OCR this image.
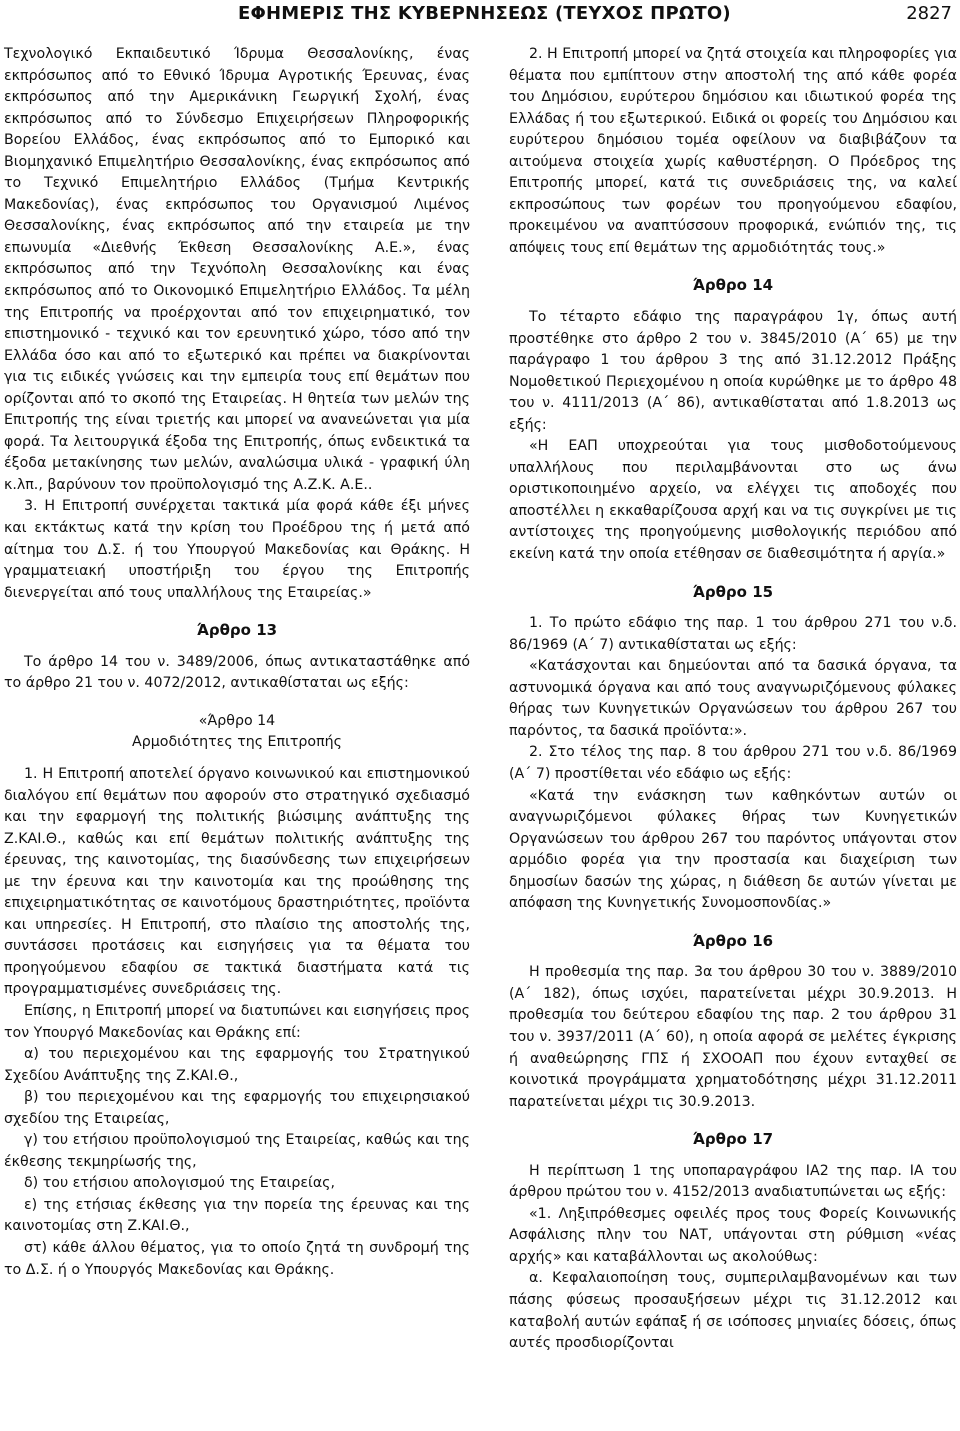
ΕΦΗΜΕΡΙΣ ΤΗΣ ΚΥΒΕΡΝΗΣΕΩΣ (ΤΕΥΧΟΣ ΠΡΩΤΟ)	2827

Τεχνολογικό Εκπαιδευτικό Ίδρυμα Θεσσαλονίκης, ένας εκπρόσωπος από το Εθνικό Ίδρυμα Αγροτικής Έρευνας, ένας εκπρόσωπος από την Αμερικάνικη Γεωργική Σχολή, ένας εκπρόσωπος από το Σύνδεσμο Επιχειρήσεων Πληροφορικής Βορείου Ελλάδος, ένας εκπρόσωπος από το Εμπορικό και Βιομηχανικό Επιμελητήριο Θεσσαλονίκης, ένας εκπρόσωπος από το Τεχνικό Επιμελητήριο Ελλάδος (Τμήμα Κεντρικής Μακεδονίας), ένας εκπρόσωπος του Οργανισμού Λιμένος Θεσσαλονίκης, ένας εκπρόσωπος από την εταιρεία με την επωνυμία «Διεθνής Έκθεση Θεσσαλονίκης Α.Ε.», ένας εκπρόσωπος από την Τεχνόπολη Θεσσαλονίκης και ένας εκπρόσωπος από το Οικονομικό Επιμελητήριο Ελλάδος. Τα μέλη της Επιτροπής να προέρχονται από τον επιχειρηματικό, τον επιστημονικό - τεχνικό και τον ερευνητικό χώρο, τόσο από την Ελλάδα όσο και από το εξωτερικό και πρέπει να διακρίνονται για τις ειδικές γνώσεις και την εμπειρία τους επί θεμάτων που ορίζονται από το σκοπό της Εταιρείας. Η θητεία των μελών της Επιτροπής της είναι τριετής και μπορεί να ανανεώνεται για μία φορά. Τα λειτουργικά έξοδα της Επιτροπής, όπως ενδεικτικά τα έξοδα μετακίνησης των μελών, αναλώσιμα υλικά - γραφική ύλη κ.λπ., βαρύνουν τον προϋπολογισμό της Α.Ζ.Κ. Α.Ε..

3. Η Επιτροπή συνέρχεται τακτικά μία φορά κάθε έξι μήνες και εκτάκτως κατά την κρίση του Προέδρου της ή μετά από αίτημα του Δ.Σ. ή του Υπουργού Μακεδονίας και Θράκης. Η γραμματειακή υποστήριξη του έργου της Επιτροπής διενεργείται από τους υπαλλήλους της Εταιρείας.»

Άρθρο 13

Το άρθρο 14 του ν. 3489/2006, όπως αντικαταστάθηκε από το άρθρο 21 του ν. 4072/2012, αντικαθίσταται ως εξής:

«Άρθρο 14

Αρμοδιότητες της Επιτροπής

1. Η Επιτροπή αποτελεί όργανο κοινωνικού και επιστημονικού διαλόγου επί θεμάτων που αφορούν στο στρατηγικό σχεδιασμό και την εφαρμογή της πολιτικής βιώσιμης ανάπτυξης της Ζ.ΚΑΙ.Θ., καθώς και επί θεμάτων πολιτικής ανάπτυξης της έρευνας, της καινοτομίας, της διασύνδεσης των επιχειρήσεων με την έρευνα και την καινοτομία και της προώθησης της επιχειρηματικότητας σε καινοτόμους δραστηριότητες, προϊόντα και υπηρεσίες. Η Επιτροπή, στο πλαίσιο της αποστολής της, συντάσσει προτάσεις και εισηγήσεις για τα θέματα του προηγούμενου εδαφίου σε τακτικά διαστήματα κατά τις προγραμματισμένες συνεδριάσεις της.

Επίσης, η Επιτροπή μπορεί να διατυπώνει και εισηγήσεις προς τον Υπουργό Μακεδονίας και Θράκης επί:

α) του περιεχομένου και της εφαρμογής του Στρατηγικού Σχεδίου Ανάπτυξης της Ζ.ΚΑΙ.Θ.,

β) του περιεχομένου και της εφαρμογής του επιχειρησιακού σχεδίου της Εταιρείας,

γ) του ετήσιου προϋπολογισμού της Εταιρείας, καθώς και της έκθεσης τεκμηρίωσής της,

δ) του ετήσιου απολογισμού της Εταιρείας,

ε) της ετήσιας έκθεσης για την πορεία της έρευνας και της καινοτομίας στη Ζ.ΚΑΙ.Θ.,

στ) κάθε άλλου θέματος, για το οποίο ζητά τη συνδρομή της το Δ.Σ. ή ο Υπουργός Μακεδονίας και Θράκης.

2. Η Επιτροπή μπορεί να ζητά στοιχεία και πληροφορίες για θέματα που εμπίπτουν στην αποστολή της από κάθε φορέα του Δημόσιου, ευρύτερου δημόσιου και ιδιωτικού φορέα της Ελλάδας ή του εξωτερικού. Ειδικά οι φορείς του Δημόσιου και ευρύτερου δημόσιου τομέα οφείλουν να διαβιβάζουν τα αιτούμενα στοιχεία χωρίς καθυστέρηση. Ο Πρόεδρος της Επιτροπής μπορεί, κατά τις συνεδριάσεις της, να καλεί εκπροσώπους των φορέων του προηγούμενου εδαφίου, προκειμένου να αναπτύσσουν προφορικά, ενώπιόν της, τις απόψεις τους επί θεμάτων της αρμοδιότητάς τους.»

Άρθρο 14

Το τέταρτο εδάφιο της παραγράφου 1γ, όπως αυτή προστέθηκε στο άρθρο 2 του ν. 3845/2010 (Α΄ 65) με την παράγραφο 1 του άρθρου 3 της από 31.12.2012 Πράξης Νομοθετικού Περιεχομένου η οποία κυρώθηκε με το άρθρο 48 του ν. 4111/2013 (Α΄ 86), αντικαθίσταται από 1.8.2013 ως εξής:

«Η ΕΑΠ υποχρεούται για τους μισθοδοτούμενους υπαλλήλους που περιλαμβάνονται στο ως άνω οριστικοποιημένο αρχείο, να ελέγχει τις αποδοχές που αποστέλλει η εκκαθαρίζουσα αρχή και να τις συγκρίνει με τις αντίστοιχες της προηγούμενης μισθολογικής περιόδου από εκείνη κατά την οποία ετέθησαν σε διαθεσιμότητα ή αργία.»

Άρθρο 15

1. Το πρώτο εδάφιο της παρ. 1 του άρθρου 271 του ν.δ. 86/1969 (Α΄ 7) αντικαθίσταται ως εξής:

«Κατάσχονται και δημεύονται από τα δασικά όργανα, τα αστυνομικά όργανα και από τους αναγνωριζόμενους φύλακες θήρας των Κυνηγετικών Οργανώσεων του άρθρου 267 του παρόντος, τα δασικά προϊόντα:».

2. Στο τέλος της παρ. 8 του άρθρου 271 του ν.δ. 86/1969 (Α΄ 7) προστίθεται νέο εδάφιο ως εξής:

«Κατά την ενάσκηση των καθηκόντων αυτών οι αναγνωριζόμενοι φύλακες θήρας των Κυνηγετικών Οργανώσεων του άρθρου 267 του παρόντος υπάγονται στον αρμόδιο φορέα για την προστασία και διαχείριση των δημοσίων δασών της χώρας, η διάθεση δε αυτών γίνεται με απόφαση της Κυνηγετικής Συνομοσπονδίας.»

Άρθρο 16

Η προθεσμία της παρ. 3α του άρθρου 30 του ν. 3889/2010 (Α΄ 182), όπως ισχύει, παρατείνεται μέχρι 30.9.2013. Η προθεσμία του δεύτερου εδαφίου της παρ. 2 του άρθρου 31 του ν. 3937/2011 (Α΄ 60), η οποία αφορά σε μελέτες έγκρισης ή αναθεώρησης ΓΠΣ ή ΣΧΟΟΑΠ που έχουν ενταχθεί σε κοινοτικά προγράμματα χρηματοδότησης μέχρι 31.12.2011 παρατείνεται μέχρι τις 30.9.2013.

Άρθρο 17

Η περίπτωση 1 της υποπαραγράφου ΙΑ2 της παρ. ΙΑ του άρθρου πρώτου του ν. 4152/2013 αναδιατυπώνεται ως εξής:

«1. Ληξιπρόθεσμες οφειλές προς τους Φορείς Κοινωνικής Ασφάλισης πλην του ΝΑΤ, υπάγονται στη ρύθμιση «νέας αρχής» και καταβάλλονται ως ακολούθως:

α. Κεφαλαιοποίηση τους, συμπεριλαμβανομένων και των πάσης φύσεως προσαυξήσεων μέχρι τις 31.12.2012 και καταβολή αυτών εφάπαξ ή σε ισόποσες μηνιαίες δόσεις, όπως αυτές προσδιορίζονται
